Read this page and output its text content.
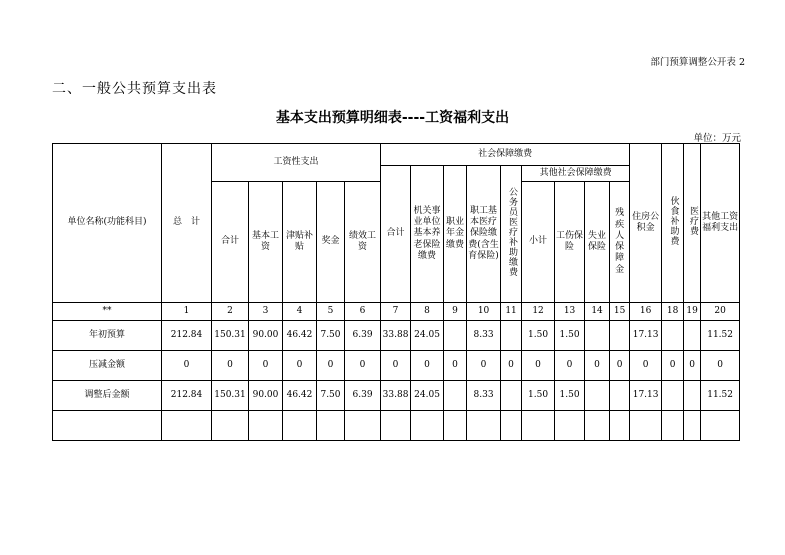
部门预算调整公开表 2
二、一般公共预算支出表
基本支出预算明细表----工资福利支出
单位：万元
单位名称(功能科目)	总　计	工资性支出					社会保障缴费									住房公积金	伙食补助费	医疗费	其他工资福利支出
							合计	机关事业单位基本养老保险缴费	职业年金缴费	职工基本医疗保险缴费(含生育保险)	公务员医疗补助缴费	其他社会保障缴费							
		合计	基本工资	津贴补贴	奖金	绩效工资						小计	工伤保险	失业保险	残疾人保障金				
**	1	2	3	4	5	6	7	8	9	10	11	12	13	14	15	16	18	19	20
年初预算	212.84	150.31	90.00	46.42	7.50	6.39	33.88	24.05		8.33		1.50	1.50			17.13			11.52
压减金额	0	0	0	0	0	0	0	0	0	0	0	0	0	0	0	0	0	0	0
调整后金额	212.84	150.31	90.00	46.42	7.50	6.39	33.88	24.05		8.33		1.50	1.50			17.13			11.52
